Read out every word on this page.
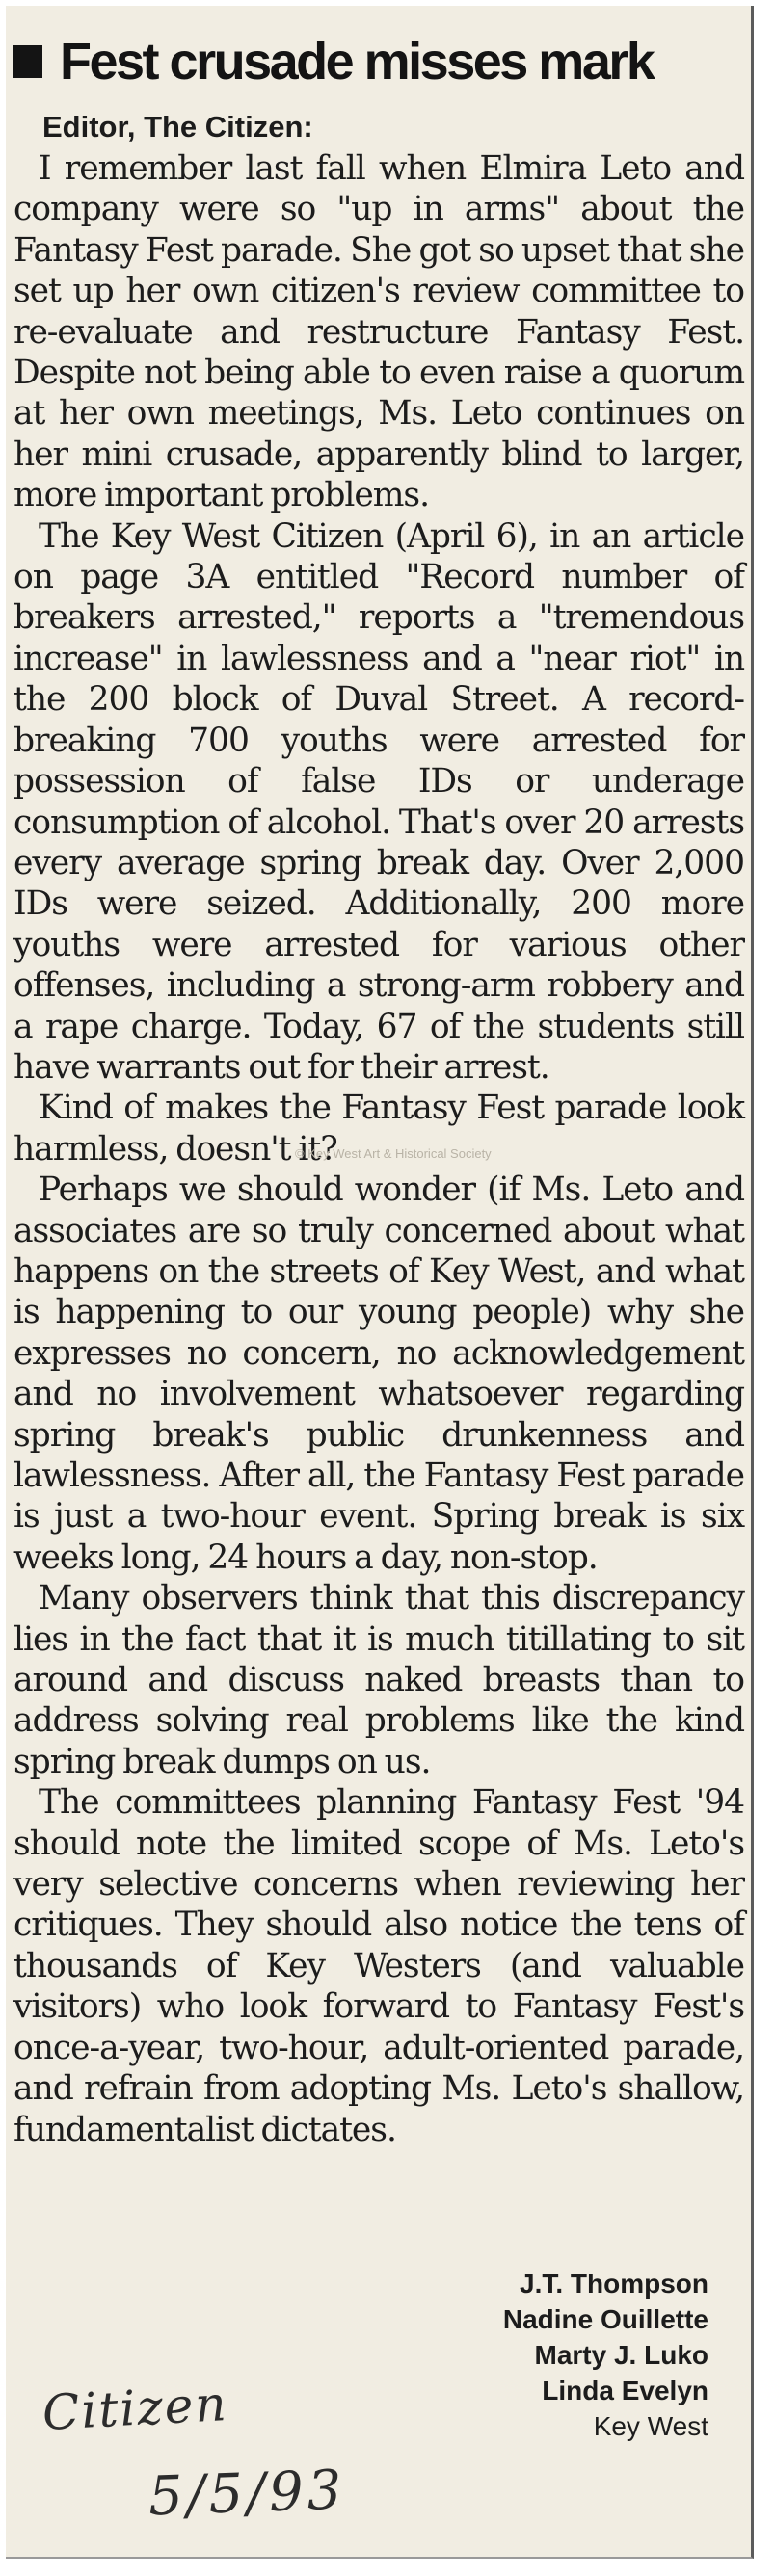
Fest crusade misses mark
Editor, The Citizen:

I remember last fall when Elmira Leto and company were so "up in arms" about the Fantasy Fest parade. She got so upset that she set up her own citizen's review committee to re-evaluate and restructure Fantasy Fest. Despite not being able to even raise a quorum at her own meetings, Ms. Leto continues on her mini crusade, apparently blind to larger, more important problems.

The Key West Citizen (April 6), in an article on page 3A entitled "Record number of breakers arrested," reports a "tremendous increase" in lawlessness and a "near riot" in the 200 block of Duval Street. A record-breaking 700 youths were arrested for possession of false IDs or underage consumption of alcohol. That's over 20 arrests every average spring break day. Over 2,000 IDs were seized. Additionally, 200 more youths were arrested for various other offenses, including a strong-arm robbery and a rape charge. Today, 67 of the students still have warrants out for their arrest.

Kind of makes the Fantasy Fest parade look harmless, doesn't it?

Perhaps we should wonder (if Ms. Leto and associates are so truly concerned about what happens on the streets of Key West, and what is happening to our young people) why she expresses no concern, no acknowledgement and no involvement whatsoever regarding spring break's public drunkenness and lawlessness. After all, the Fantasy Fest parade is just a two-hour event. Spring break is six weeks long, 24 hours a day, non-stop.

Many observers think that this discrepancy lies in the fact that it is much titillating to sit around and discuss naked breasts than to address solving real problems like the kind spring break dumps on us.

The committees planning Fantasy Fest '94 should note the limited scope of Ms. Leto's very selective concerns when reviewing her critiques. They should also notice the tens of thousands of Key Westers (and valuable visitors) who look forward to Fantasy Fest's once-a-year, two-hour, adult-oriented parade, and refrain from adopting Ms. Leto's shallow, fundamentalist dictates.

© Key West Art & Historical Society
J.T. Thompson
Nadine Ouillette
Marty J. Luko
Linda Evelyn
Key West
Citizen
5/5/93
